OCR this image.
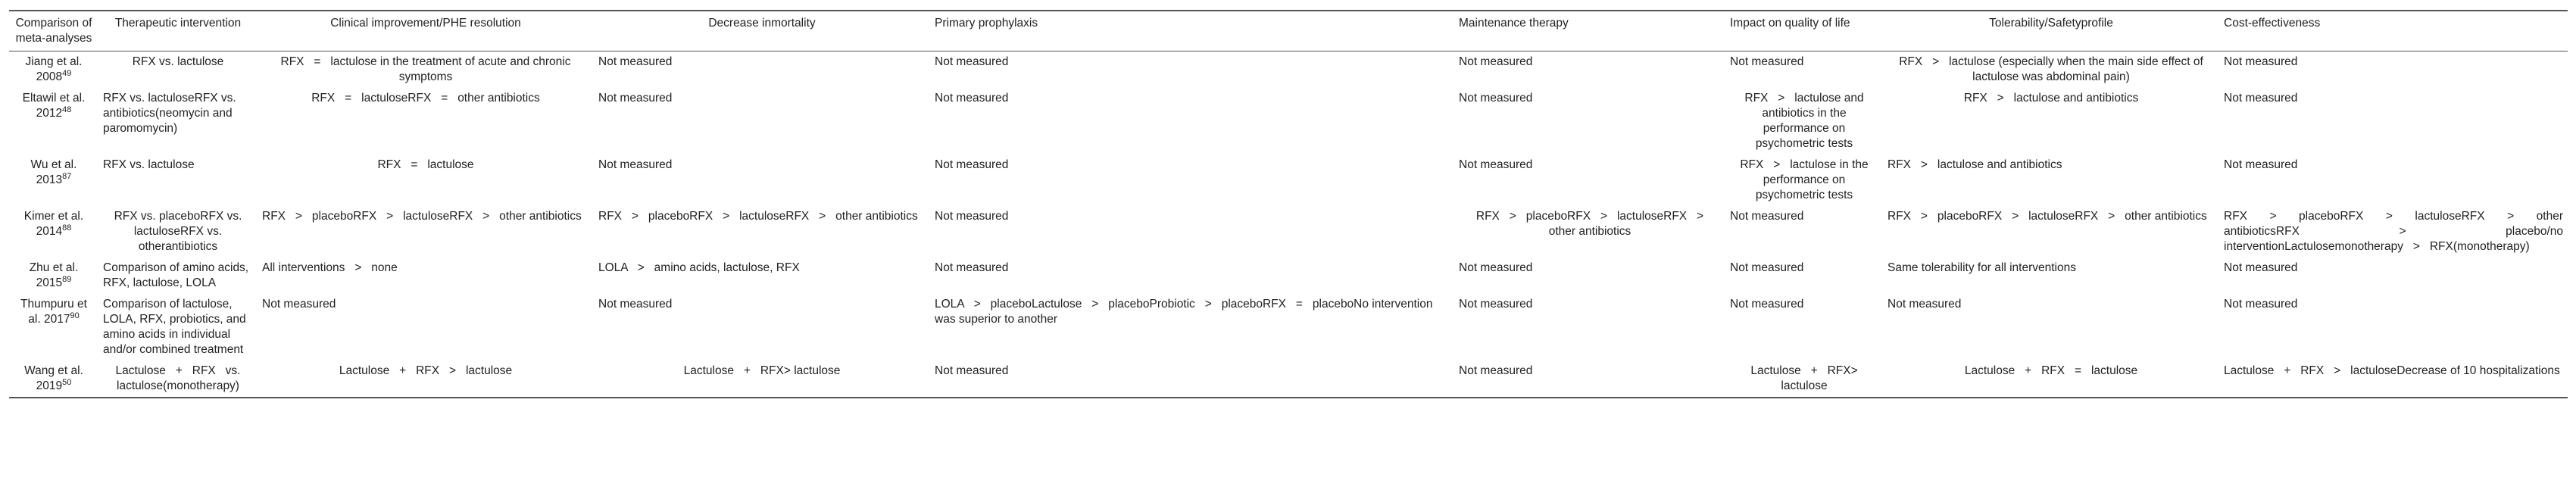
Comparison of meta-analyses	Therapeutic intervention	Clinical improvement/PHE resolution	Decrease inmortality	Primary prophylaxis	Maintenance therapy	Impact on quality of life	Tolerability/Safetyprofile	Cost-effectiveness
Jiang et al. 2008$^{49}$	RFX vs. lactulose	RFX   =   lactulose in the treatment of acute and chronic symptoms	Not measured	Not measured	Not measured	Not measured	RFX   >   lactulose (especially when the main side effect of lactulose was abdominal pain)	Not measured
Eltawil et al. 2012$^{48}$	RFX vs. lactuloseRFX vs. antibiotics(neomycin and paromomycin)	RFX   =   lactuloseRFX   =   other antibiotics	Not measured	Not measured	Not measured	RFX   >   lactulose and antibiotics in the performance on psychometric tests	RFX   >   lactulose and antibiotics	Not measured
Wu et al. 2013$^{87}$	RFX vs. lactulose	RFX   =   lactulose	Not measured	Not measured	Not measured	RFX   >   lactulose in the performance on psychometric tests	RFX   >   lactulose and antibiotics	Not measured
Kimer et al. 2014$^{88}$	RFX vs. placeboRFX vs. lactuloseRFX vs. otherantibiotics	RFX   >   placeboRFX   >   lactuloseRFX   >   other antibiotics	RFX   >   placeboRFX   >   lactuloseRFX   >   other antibiotics	Not measured	RFX   >   placeboRFX   >   lactuloseRFX   >   other antibiotics	Not measured	RFX   >   placeboRFX   >   lactuloseRFX   >   other antibiotics	RFX   >   placeboRFX   >   lactuloseRFX   >   other antibioticsRFX   >   placebo/no interventionLactulosemonotherapy   >   RFX(monotherapy)
Zhu et al. 2015$^{89}$	Comparison of amino acids, RFX, lactulose, LOLA	All interventions   >   none	LOLA   >   amino acids, lactulose, RFX	Not measured	Not measured	Not measured	Same tolerability for all interventions	Not measured
Thumpuru et al. 2017$^{90}$	Comparison of lactulose, LOLA, RFX, probiotics, and amino acids in individual and/or combined treatment	Not measured	Not measured	LOLA   >   placeboLactulose   >   placeboProbiotic   >   placeboRFX   =   placeboNo intervention was superior to another	Not measured	Not measured	Not measured	Not measured
Wang et al. 2019$^{50}$	Lactulose   +   RFX   vs. lactulose(monotherapy)	Lactulose   +   RFX   >   lactulose	Lactulose   +   RFX> lactulose	Not measured	Not measured	Lactulose   +   RFX> lactulose	Lactulose   +   RFX   =   lactulose	Lactulose   +   RFX   >   lactuloseDecrease of 10 hospitalizations
